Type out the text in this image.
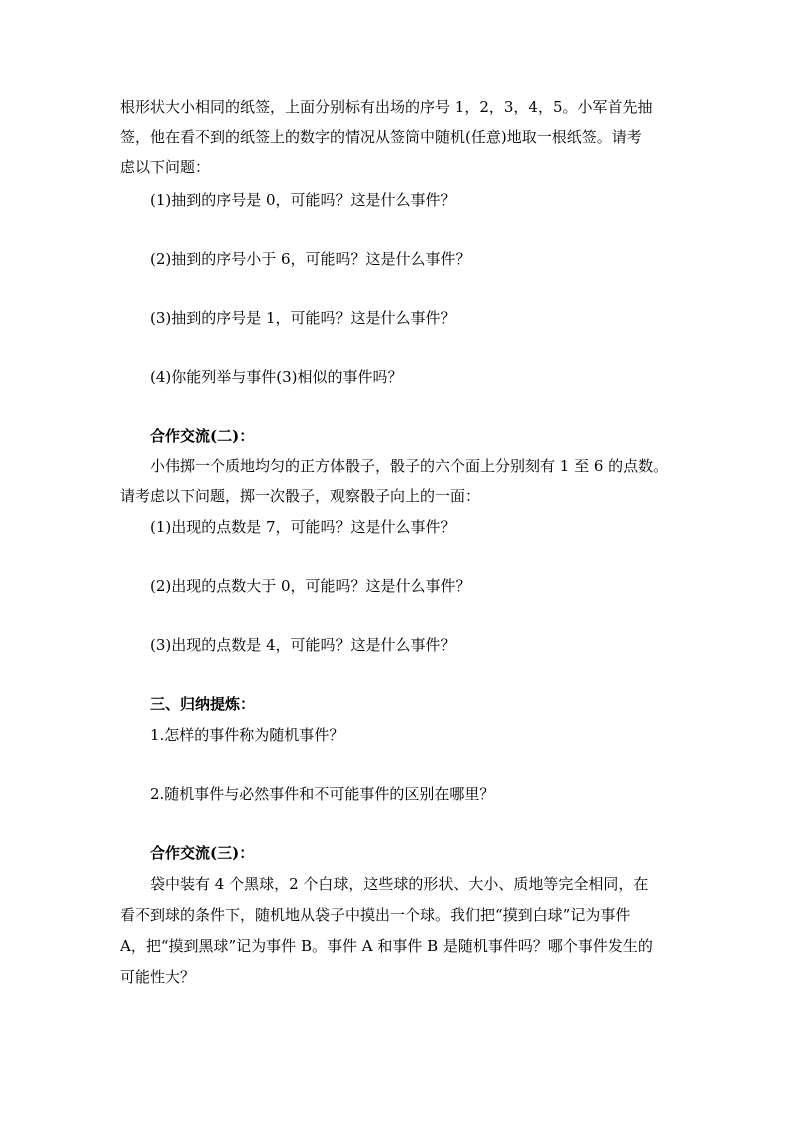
根形状大小相同的纸签，上面分别标有出场的序号 1，2，3，4，5。小军首先抽
签，他在看不到的纸签上的数字的情况从签筒中随机(任意)地取一根纸签。请考
虑以下问题：
(1)抽到的序号是 0，可能吗？这是什么事件？
(2)抽到的序号小于 6，可能吗？这是什么事件？
(3)抽到的序号是 1，可能吗？这是什么事件？
(4)你能列举与事件(3)相似的事件吗？
合作交流(二)：
小伟掷一个质地均匀的正方体骰子，骰子的六个面上分别刻有 1 至 6 的点数。
请考虑以下问题，掷一次骰子，观察骰子向上的一面：
(1)出现的点数是 7，可能吗？这是什么事件？
(2)出现的点数大于 0，可能吗？这是什么事件？
(3)出现的点数是 4，可能吗？这是什么事件？
三、归纳提炼：
1.怎样的事件称为随机事件？
2.随机事件与必然事件和不可能事件的区别在哪里？
合作交流(三)：
袋中装有 4 个黑球，2 个白球，这些球的形状、大小、质地等完全相同，在
看不到球的条件下，随机地从袋子中摸出一个球。我们把“摸到白球”记为事件
A，把“摸到黑球”记为事件 B。事件 A 和事件 B 是随机事件吗？哪个事件发生的
可能性大？
